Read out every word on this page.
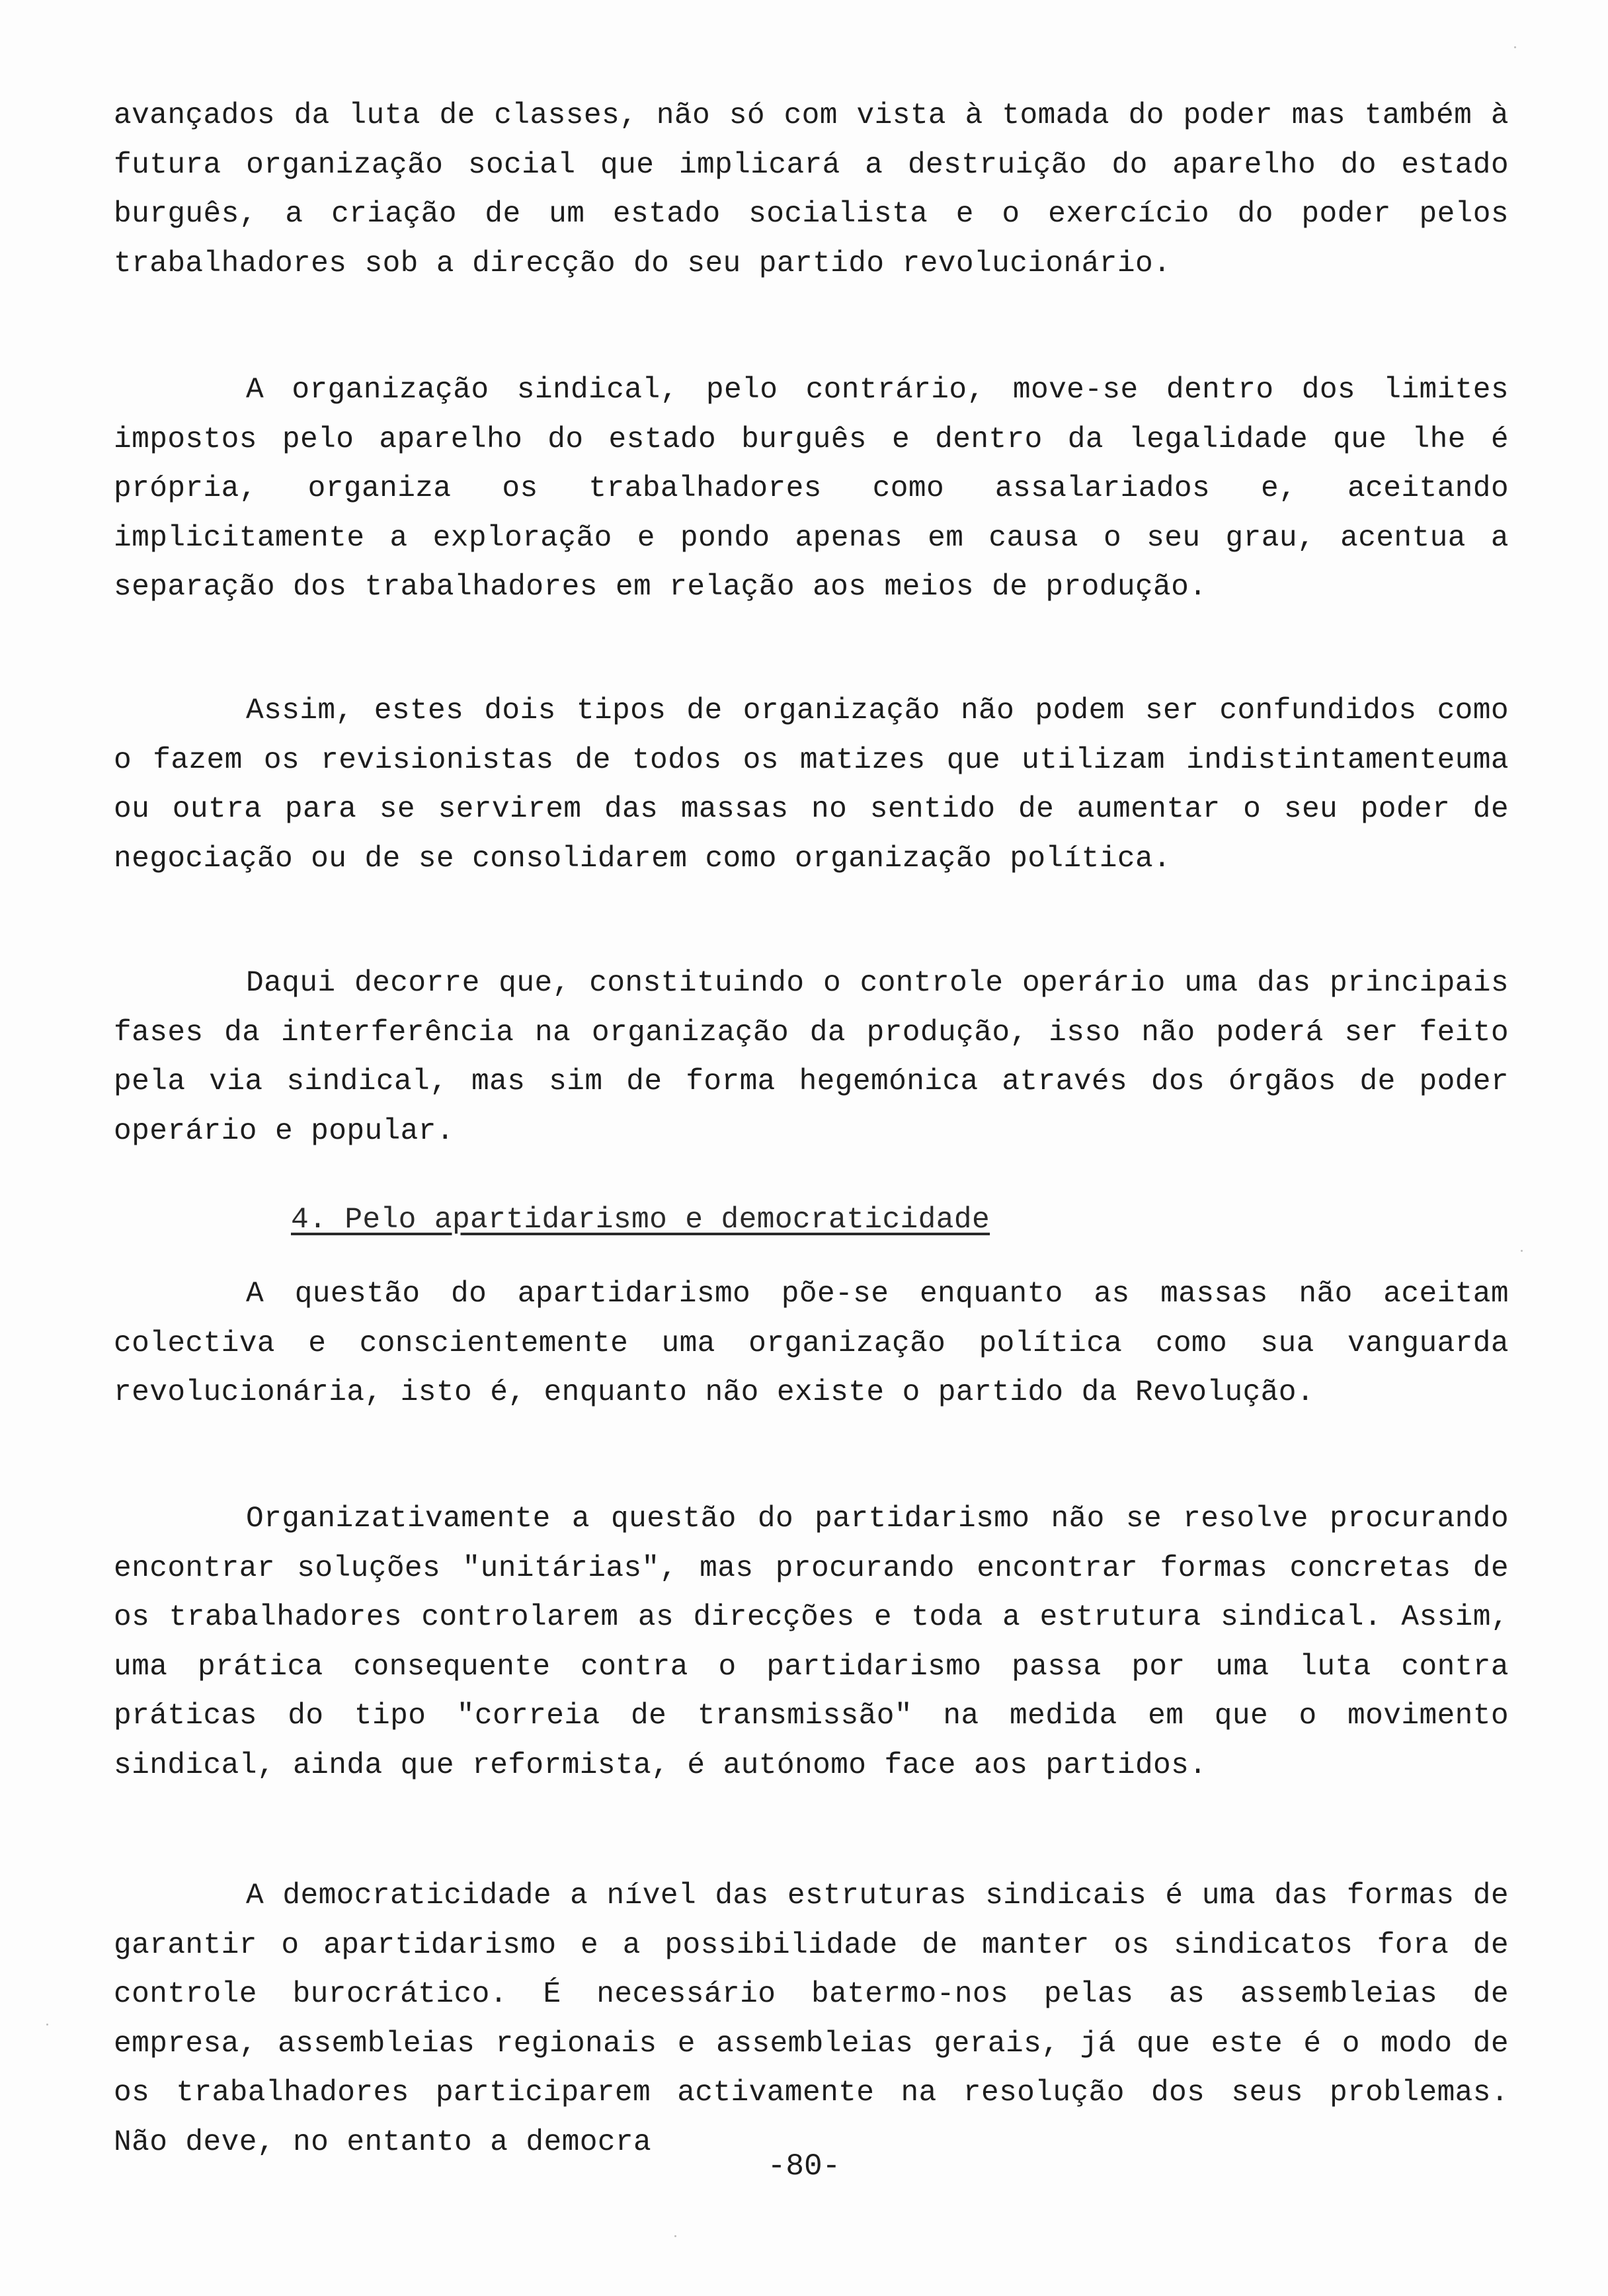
avançados da luta de classes, não só com vista à tomada do poder mas também à futura organização social que implicará a destruição do aparelho do estado burguês, a criação de um estado socialista e o exercício do poder pelos trabalhadores sob a direcção do seu partido revolucionário.

A organização sindical, pelo contrário, move-se dentro dos limites impostos pelo aparelho do estado burguês e dentro da legalidade que lhe é própria, organiza os trabalhadores como assalariados e, aceitando implicitamente a exploração e pondo apenas em causa o seu grau, acentua a separação dos trabalhadores em relação aos meios de produção.

Assim, estes dois tipos de organização não podem ser confundidos como o fazem os revisionistas de todos os matizes que utilizam indistintamenteuma ou outra para se servirem das massas no sentido de aumentar o seu poder de negociação ou de se consolidarem como organização política.

Daqui decorre que, constituindo o controle operário uma das principais fases da interferência na organização da produção, isso não poderá ser feito pela via sindical, mas sim de forma hegemónica através dos órgãos de poder operário e popular.

4. Pelo apartidarismo e democraticidade

A questão do apartidarismo põe-se enquanto as massas não aceitam colectiva e conscientemente uma organização política como sua vanguarda revolucionária, isto é, enquanto não existe o partido da Revolução.

Organizativamente a questão do partidarismo não se resolve procurando encontrar soluções "unitárias", mas procurando encontrar formas concretas de os trabalhadores controlarem as direcções e toda a estrutura sindical. Assim, uma prática consequente contra o partidarismo passa por uma luta contra práticas do tipo "correia de transmissão" na medida em que o movimento sindical, ainda que reformista, é autónomo face aos partidos.

A democraticidade a nível das estruturas sindicais é uma das formas de garantir o apartidarismo e a possibilidade de manter os sindicatos fora de controle burocrático. É necessário batermo-nos pelas as assembleias de empresa, assembleias regionais e assembleias gerais, já que este é o modo de os trabalhadores participarem activamente na resolução dos seus problemas. Não deve, no entanto a democra

-80-
